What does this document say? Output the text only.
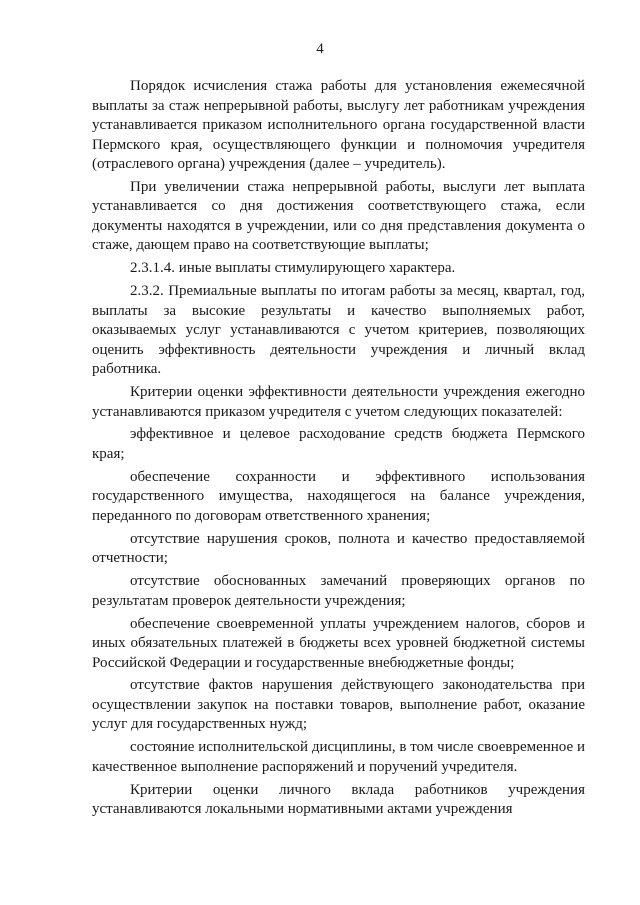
4

Порядок исчисления стажа работы для установления ежемесячной выплаты за стаж непрерывной работы, выслугу лет работникам учреждения устанавливается приказом исполнительного органа государственной власти Пермского края, осуществляющего функции и полномочия учредителя (отраслевого органа) учреждения (далее – учредитель).

При увеличении стажа непрерывной работы, выслуги лет выплата устанавливается со дня достижения соответствующего стажа, если документы находятся в учреждении, или со дня представления документа о стаже, дающем право на соответствующие выплаты;

2.3.1.4. иные выплаты стимулирующего характера.

2.3.2. Премиальные выплаты по итогам работы за месяц, квартал, год, выплаты за высокие результаты и качество выполняемых работ, оказываемых услуг устанавливаются с учетом критериев, позволяющих оценить эффективность деятельности учреждения и личный вклад работника.

Критерии оценки эффективности деятельности учреждения ежегодно устанавливаются приказом учредителя с учетом следующих показателей:

эффективное и целевое расходование средств бюджета Пермского края;

обеспечение сохранности и эффективного использования государственного имущества, находящегося на балансе учреждения, переданного по договорам ответственного хранения;

отсутствие нарушения сроков, полнота и качество предоставляемой отчетности;

отсутствие обоснованных замечаний проверяющих органов по результатам проверок деятельности учреждения;

обеспечение своевременной уплаты учреждением налогов, сборов и иных обязательных платежей в бюджеты всех уровней бюджетной системы Российской Федерации и государственные внебюджетные фонды;

отсутствие фактов нарушения действующего законодательства при осуществлении закупок на поставки товаров, выполнение работ, оказание услуг для государственных нужд;

состояние исполнительской дисциплины, в том числе своевременное и качественное выполнение распоряжений и поручений учредителя.

Критерии оценки личного вклада работников учреждения устанавливаются локальными нормативными актами учреждения
